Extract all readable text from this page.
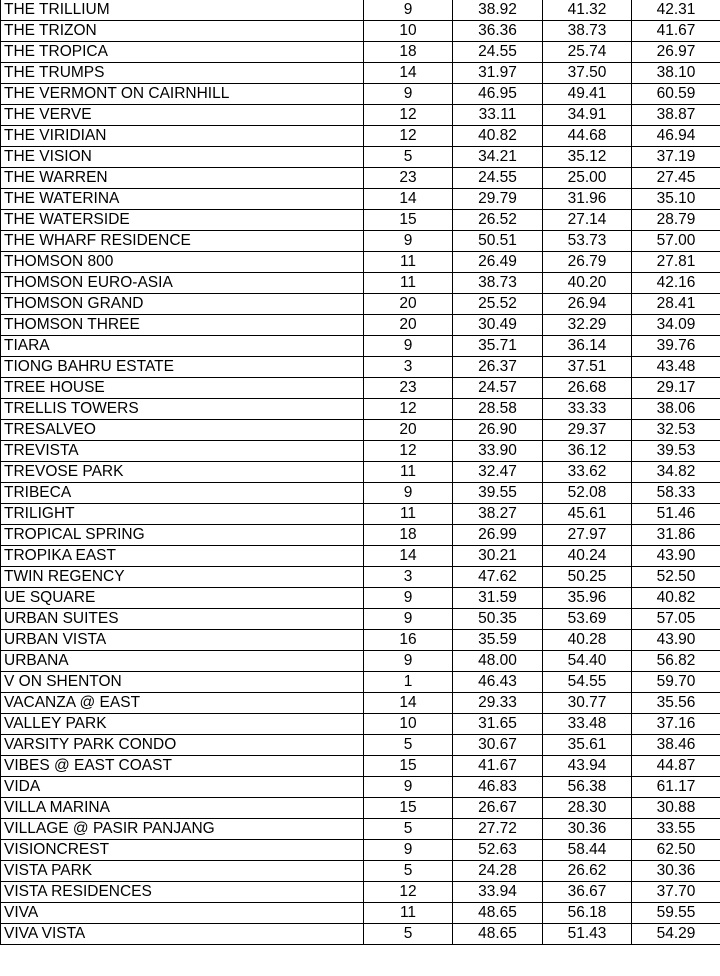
THE TRILLIUM	9	38.92	41.32	42.31
THE TRIZON	10	36.36	38.73	41.67
THE TROPICA	18	24.55	25.74	26.97
THE TRUMPS	14	31.97	37.50	38.10
THE VERMONT ON CAIRNHILL	9	46.95	49.41	60.59
THE VERVE	12	33.11	34.91	38.87
THE VIRIDIAN	12	40.82	44.68	46.94
THE VISION	5	34.21	35.12	37.19
THE WARREN	23	24.55	25.00	27.45
THE WATERINA	14	29.79	31.96	35.10
THE WATERSIDE	15	26.52	27.14	28.79
THE WHARF RESIDENCE	9	50.51	53.73	57.00
THOMSON 800	11	26.49	26.79	27.81
THOMSON EURO-ASIA	11	38.73	40.20	42.16
THOMSON GRAND	20	25.52	26.94	28.41
THOMSON THREE	20	30.49	32.29	34.09
TIARA	9	35.71	36.14	39.76
TIONG BAHRU ESTATE	3	26.37	37.51	43.48
TREE HOUSE	23	24.57	26.68	29.17
TRELLIS TOWERS	12	28.58	33.33	38.06
TRESALVEO	20	26.90	29.37	32.53
TREVISTA	12	33.90	36.12	39.53
TREVOSE PARK	11	32.47	33.62	34.82
TRIBECA	9	39.55	52.08	58.33
TRILIGHT	11	38.27	45.61	51.46
TROPICAL SPRING	18	26.99	27.97	31.86
TROPIKA EAST	14	30.21	40.24	43.90
TWIN REGENCY	3	47.62	50.25	52.50
UE SQUARE	9	31.59	35.96	40.82
URBAN SUITES	9	50.35	53.69	57.05
URBAN VISTA	16	35.59	40.28	43.90
URBANA	9	48.00	54.40	56.82
V ON SHENTON	1	46.43	54.55	59.70
VACANZA @ EAST	14	29.33	30.77	35.56
VALLEY PARK	10	31.65	33.48	37.16
VARSITY PARK CONDO	5	30.67	35.61	38.46
VIBES @ EAST COAST	15	41.67	43.94	44.87
VIDA	9	46.83	56.38	61.17
VILLA MARINA	15	26.67	28.30	30.88
VILLAGE @ PASIR PANJANG	5	27.72	30.36	33.55
VISIONCREST	9	52.63	58.44	62.50
VISTA PARK	5	24.28	26.62	30.36
VISTA RESIDENCES	12	33.94	36.67	37.70
VIVA	11	48.65	56.18	59.55
VIVA VISTA	5	48.65	51.43	54.29
